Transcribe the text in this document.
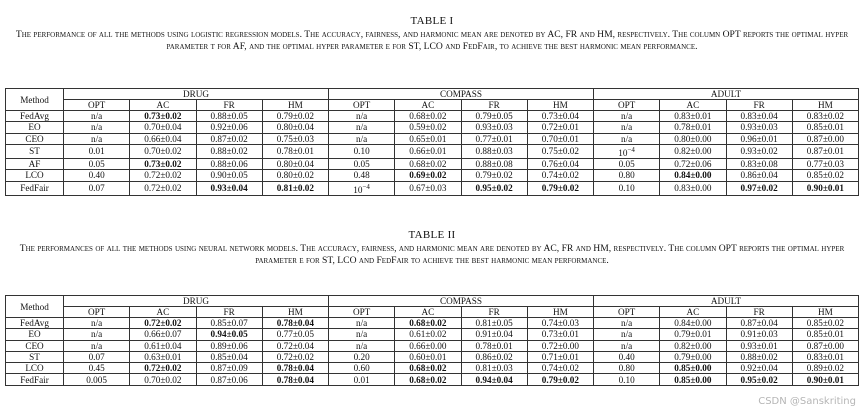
TABLE I
The performance of all the methods using logistic regression models. The accuracy, fairness, and harmonic mean are denoted by AC, FR and HM, respectively. The column OPT reports the optimal hyper parameter τ for AF, and the optimal hyper parameter ε for ST, LCO and FedFair, to achieve the best harmonic mean performance.
Method	DRUG				COMPASS				ADULT			
	OPT	AC	FR	HM	OPT	AC	FR	HM	OPT	AC	FR	HM
FedAvg	n/a	0.73±0.02	0.88±0.05	0.79±0.02	n/a	0.68±0.02	0.79±0.05	0.73±0.04	n/a	0.83±0.01	0.83±0.04	0.83±0.02
EO	n/a	0.70±0.04	0.92±0.06	0.80±0.04	n/a	0.59±0.02	0.93±0.03	0.72±0.01	n/a	0.78±0.01	0.93±0.03	0.85±0.01
CEO	n/a	0.66±0.04	0.87±0.02	0.75±0.03	n/a	0.65±0.01	0.77±0.01	0.70±0.01	n/a	0.80±0.00	0.96±0.01	0.87±0.00
ST	0.01	0.70±0.02	0.88±0.02	0.78±0.01	0.10	0.66±0.01	0.88±0.03	0.75±0.02	$10^{-4}$	0.82±0.00	0.93±0.02	0.87±0.01
AF	0.05	0.73±0.02	0.88±0.06	0.80±0.04	0.05	0.68±0.02	0.88±0.08	0.76±0.04	0.05	0.72±0.06	0.83±0.08	0.77±0.03
LCO	0.40	0.72±0.02	0.90±0.05	0.80±0.02	0.48	0.69±0.02	0.79±0.02	0.74±0.02	0.80	0.84±0.00	0.86±0.04	0.85±0.02
FedFair	0.07	0.72±0.02	0.93±0.04	0.81±0.02	$10^{-4}$	0.67±0.03	0.95±0.02	0.79±0.02	0.10	0.83±0.00	0.97±0.02	0.90±0.01
TABLE II
The performances of all the methods using neural network models. The accuracy, fairness, and harmonic mean are denoted by AC, FR and HM, respectively. The column OPT reports the optimal hyper parameter ε for ST, LCO and FedFair to achieve the best harmonic mean performance.
Method	DRUG				COMPASS				ADULT			
	OPT	AC	FR	HM	OPT	AC	FR	HM	OPT	AC	FR	HM
FedAvg	n/a	0.72±0.02	0.85±0.07	0.78±0.04	n/a	0.68±0.02	0.81±0.05	0.74±0.03	n/a	0.84±0.00	0.87±0.04	0.85±0.02
EO	n/a	0.66±0.07	0.94±0.05	0.77±0.05	n/a	0.61±0.02	0.91±0.04	0.73±0.01	n/a	0.79±0.01	0.91±0.03	0.85±0.01
CEO	n/a	0.61±0.04	0.89±0.06	0.72±0.04	n/a	0.66±0.00	0.78±0.01	0.72±0.00	n/a	0.82±0.00	0.93±0.01	0.87±0.00
ST	0.07	0.63±0.01	0.85±0.04	0.72±0.02	0.20	0.60±0.01	0.86±0.02	0.71±0.01	0.40	0.79±0.00	0.88±0.02	0.83±0.01
LCO	0.45	0.72±0.02	0.87±0.09	0.78±0.04	0.60	0.68±0.02	0.81±0.03	0.74±0.02	0.80	0.85±0.00	0.92±0.04	0.89±0.02
FedFair	0.005	0.70±0.02	0.87±0.06	0.78±0.04	0.01	0.68±0.02	0.94±0.04	0.79±0.02	0.10	0.85±0.00	0.95±0.02	0.90±0.01
CSDN @Sanskriting
